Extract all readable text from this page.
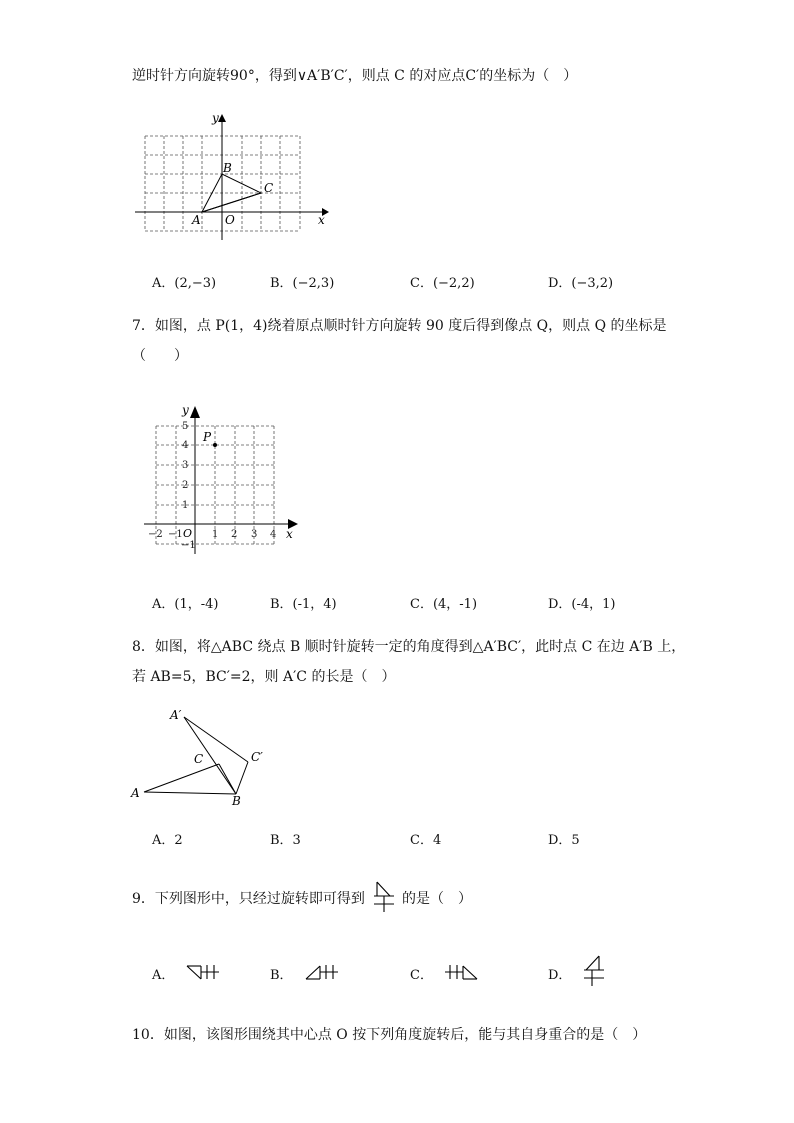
逆时针方向旋转90°，得到∨A′B′C′，则点 C 的对应点C′的坐标为（　）
y
x
B
C
A O
A．(2,−3)	B．(−2,3)	C．(−2,2)	D．(−3,2)
7．如图，点 P(1，4)绕着原点顺时针方向旋转 90 度后得到像点 Q，则点 Q 的坐标是
（　　）
y
x
P
O
5
4
3
2
1
−1
−2 −1	1 2 3 4
A．(1，-4)	B．(-1，4)	C．(4，-1)	D．(-4，1)
8．如图，将△ABC 绕点 B 顺时针旋转一定的角度得到△A′BC′，此时点 C 在边 A′B 上，
若 AB=5，BC′=2，则 A′C 的长是（　）
A′
C	C′
A
B
A．2	B．3	C．4	D．5
9．下列图形中，只经过旋转即可得到	的是（　）
A．	B．	C．	D．
10．如图，该图形围绕其中心点 O 按下列角度旋转后，能与其自身重合的是（　）
